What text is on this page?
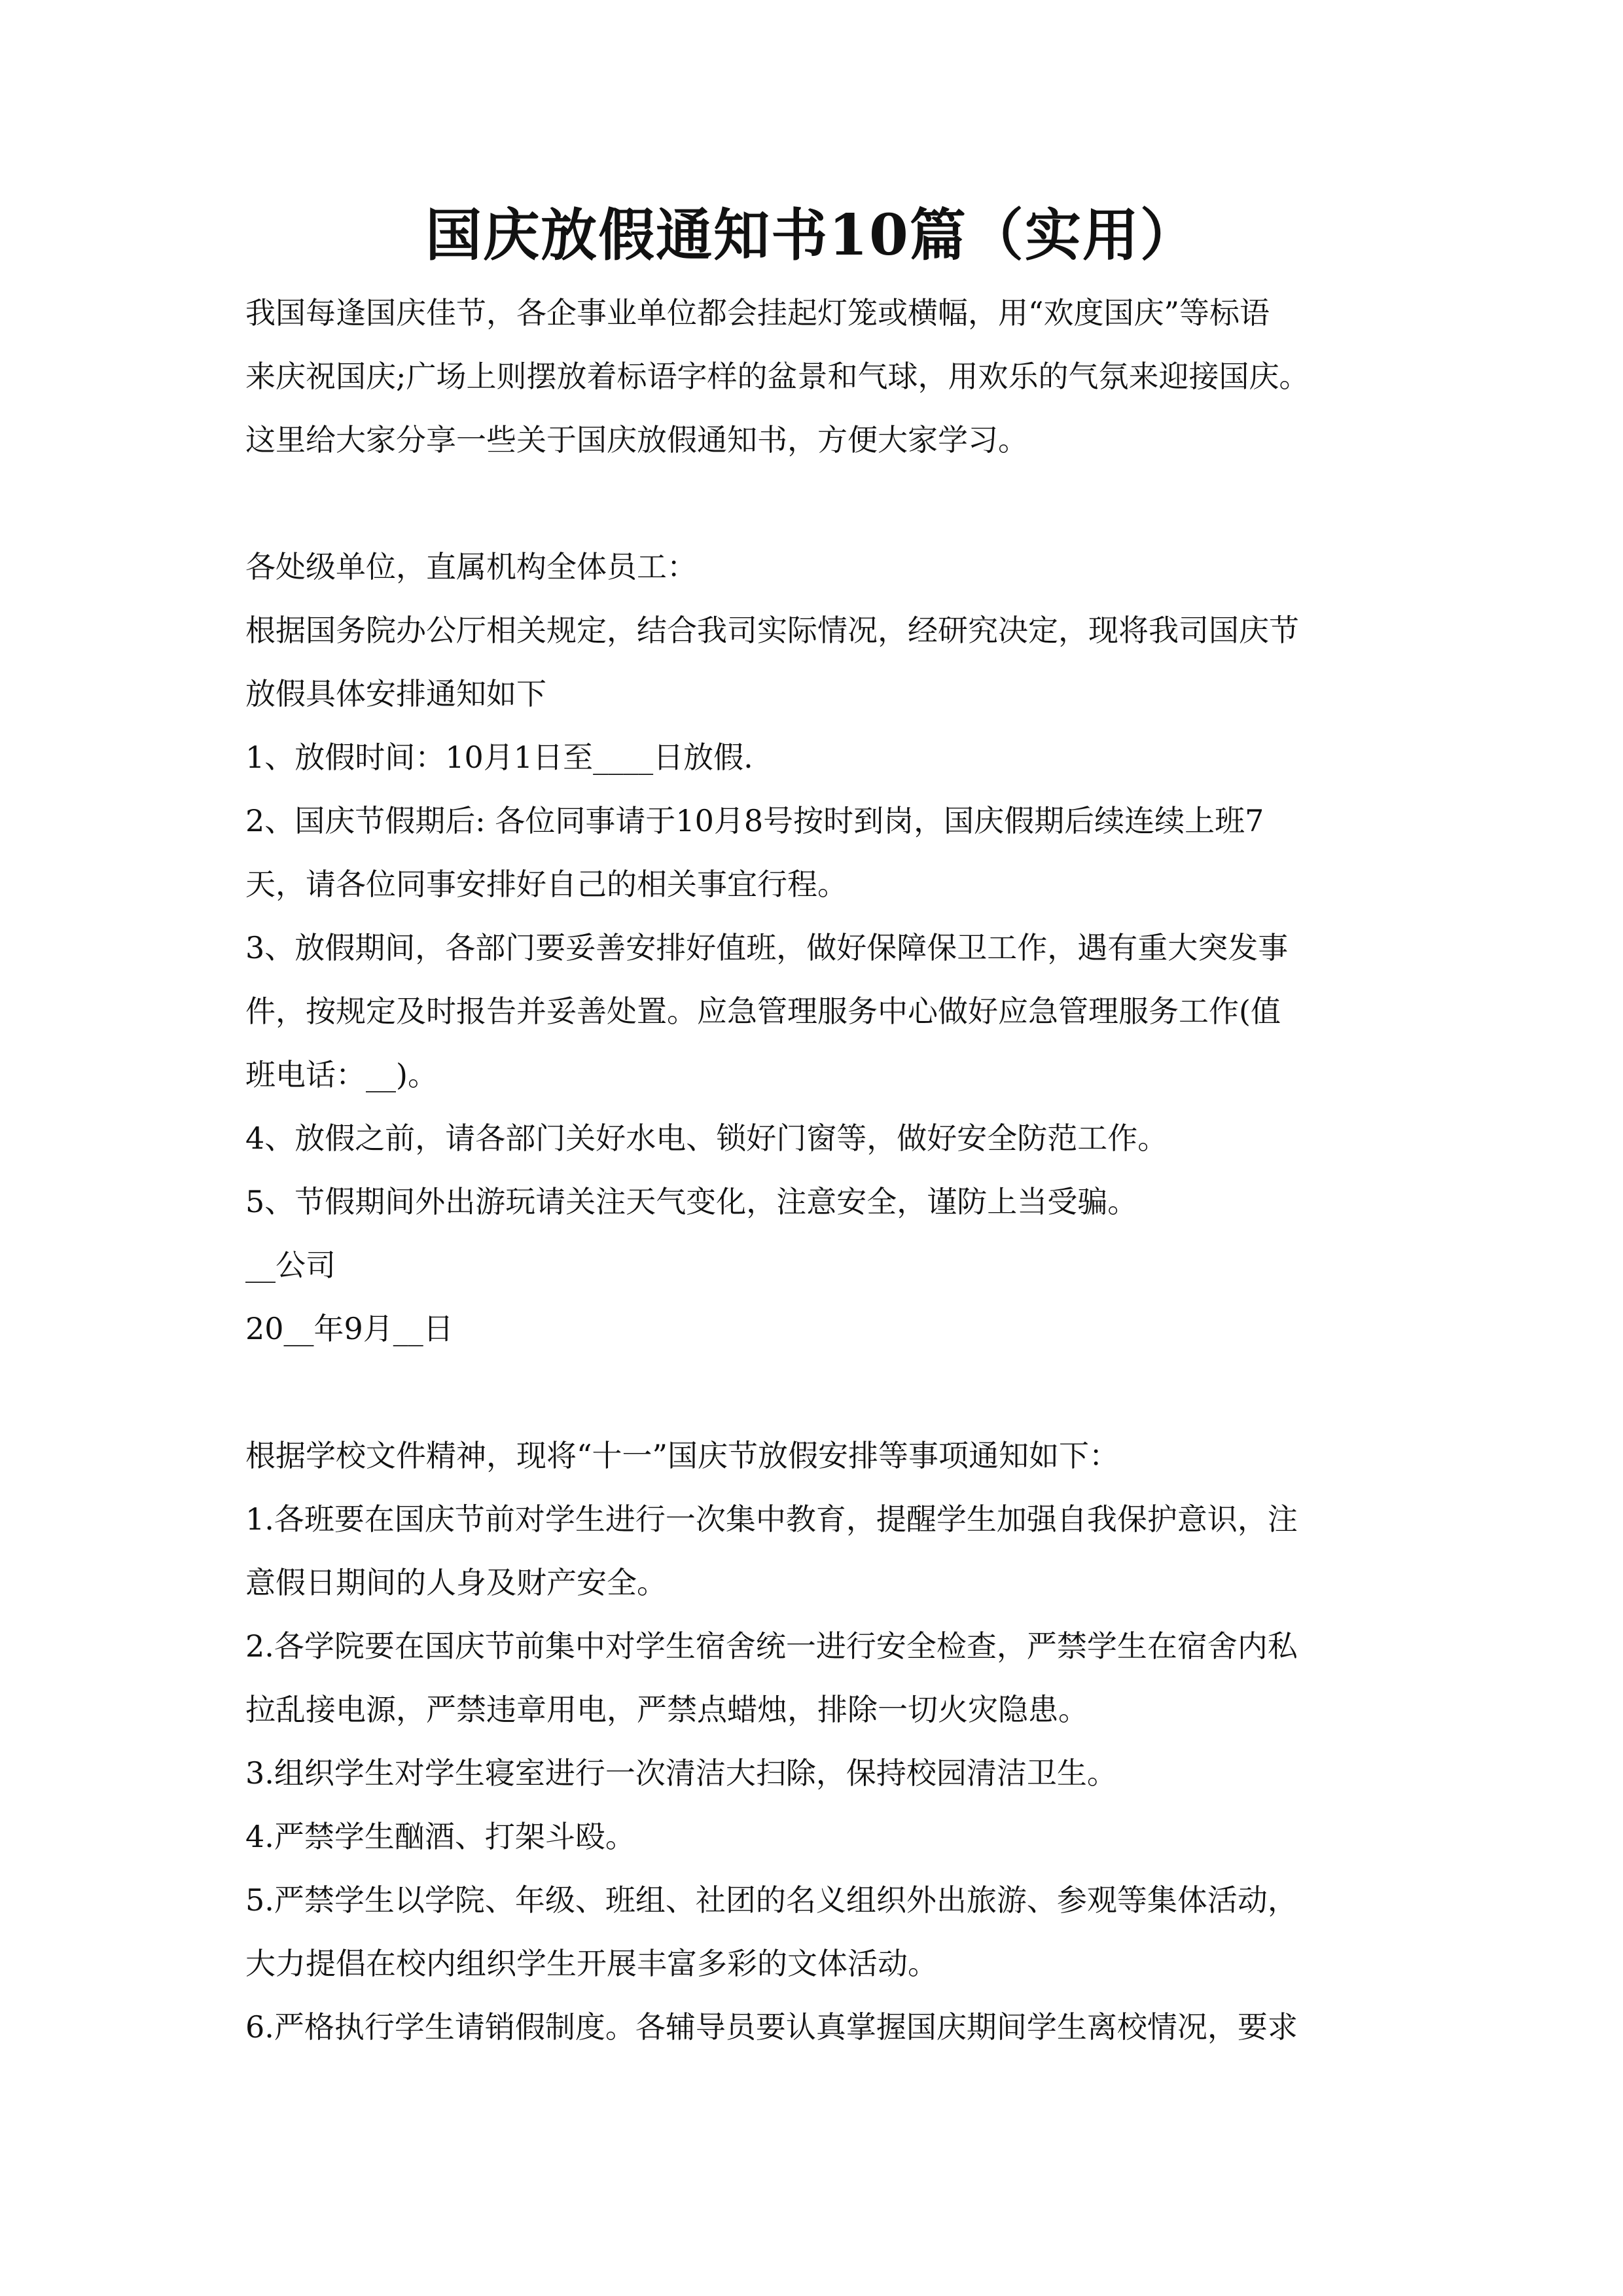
国庆放假通知书10篇（实用）

我国每逢国庆佳节，各企事业单位都会挂起灯笼或横幅，用“欢度国庆”等标语

来庆祝国庆;广场上则摆放着标语字样的盆景和气球，用欢乐的气氛来迎接国庆。

这里给大家分享一些关于国庆放假通知书，方便大家学习。

各处级单位，直属机构全体员工：

根据国务院办公厅相关规定，结合我司实际情况，经研究决定，现将我司国庆节

放假具体安排通知如下

1、放假时间：10月1日至____日放假.

2、国庆节假期后: 各位同事请于10月8号按时到岗，国庆假期后续连续上班7

天，请各位同事安排好自己的相关事宜行程。

3、放假期间，各部门要妥善安排好值班，做好保障保卫工作，遇有重大突发事

件，按规定及时报告并妥善处置。应急管理服务中心做好应急管理服务工作(值

班电话：__)。

4、放假之前，请各部门关好水电、锁好门窗等，做好安全防范工作。

5、节假期间外出游玩请关注天气变化，注意安全，谨防上当受骗。

__公司

20__年9月__日

根据学校文件精神，现将“十一”国庆节放假安排等事项通知如下：

1.各班要在国庆节前对学生进行一次集中教育，提醒学生加强自我保护意识，注

意假日期间的人身及财产安全。

2.各学院要在国庆节前集中对学生宿舍统一进行安全检查，严禁学生在宿舍内私

拉乱接电源，严禁违章用电，严禁点蜡烛，排除一切火灾隐患。

3.组织学生对学生寝室进行一次清洁大扫除，保持校园清洁卫生。

4.严禁学生酗酒、打架斗殴。

5.严禁学生以学院、年级、班组、社团的名义组织外出旅游、参观等集体活动，

大力提倡在校内组织学生开展丰富多彩的文体活动。

6.严格执行学生请销假制度。各辅导员要认真掌握国庆期间学生离校情况，要求
